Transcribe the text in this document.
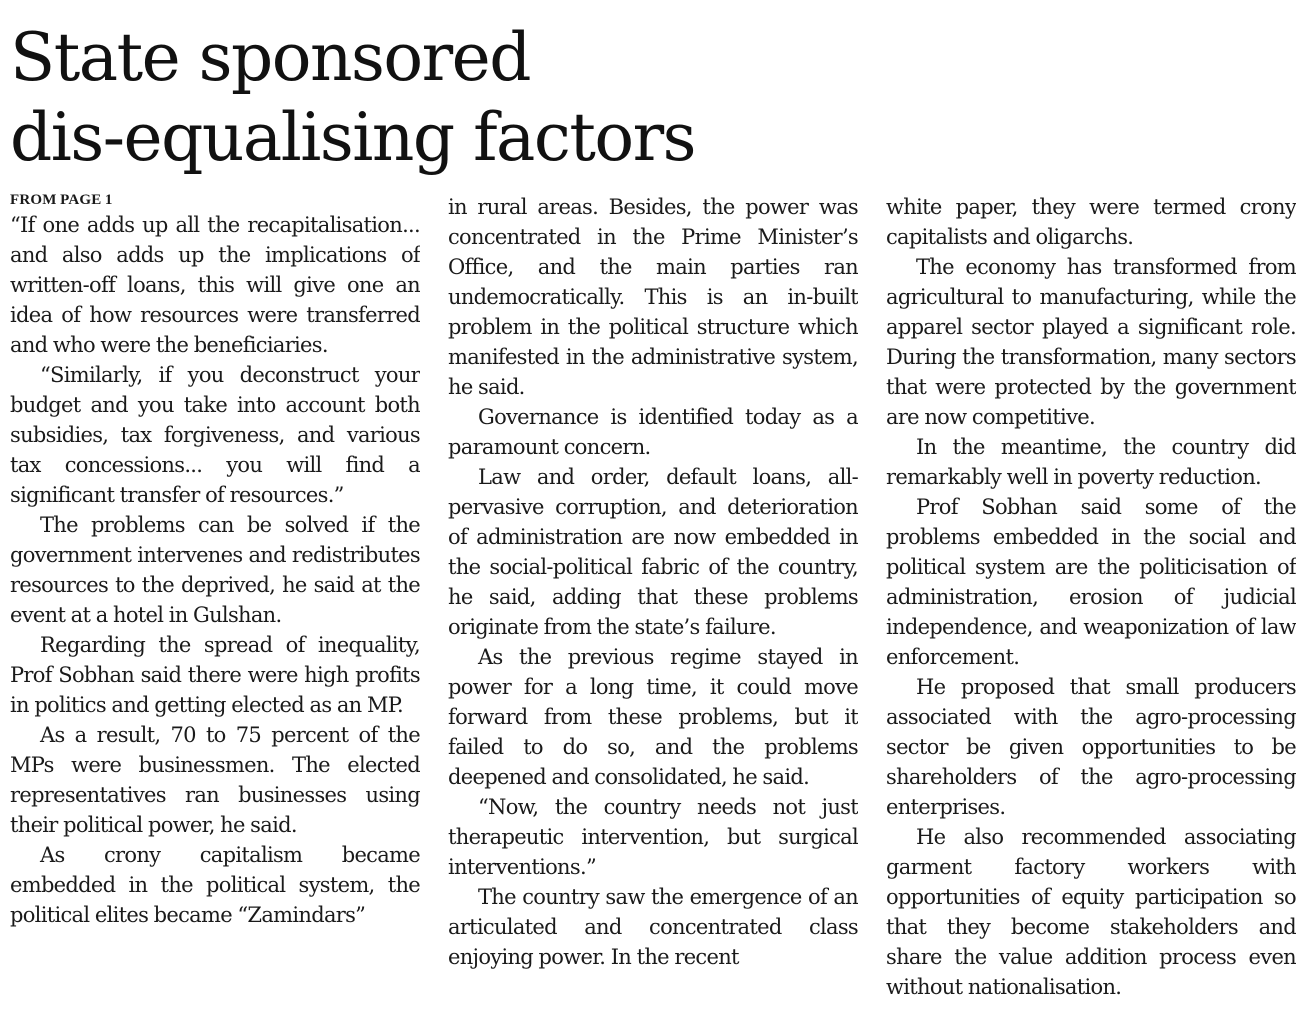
State sponsored
dis-equalising factors
FROM PAGE 1

“If one adds up all the recapitalisation... and also adds up the implications of written-off loans, this will give one an idea of how resources were transferred and who were the beneficiaries.

“Similarly, if you deconstruct your budget and you take into account both subsidies, tax forgiveness, and various tax concessions... you will find a significant transfer of resources.”

The problems can be solved if the government intervenes and redistributes resources to the deprived, he said at the event at a hotel in Gulshan.

Regarding the spread of inequality, Prof Sobhan said there were high profits in politics and getting elected as an MP.

As a result, 70 to 75 percent of the MPs were businessmen. The elected representatives ran businesses using their political power, he said.

As crony capitalism became embedded in the political system, the political elites became “Zamindars”

in rural areas. Besides, the power was concentrated in the Prime Minister’s Office, and the main parties ran undemocratically. This is an in-built problem in the political structure which manifested in the administrative system, he said.

Governance is identified today as a paramount concern.

Law and order, default loans, all-pervasive corruption, and deterioration of administration are now embedded in the social-political fabric of the country, he said, adding that these problems originate from the state’s failure.

As the previous regime stayed in power for a long time, it could move forward from these problems, but it failed to do so, and the problems deepened and consolidated, he said.

“Now, the country needs not just therapeutic intervention, but surgical interventions.”

The country saw the emergence of an articulated and concentrated class enjoying power. In the recent

white paper, they were termed crony capitalists and oligarchs.

The economy has transformed from agricultural to manufacturing, while the apparel sector played a significant role. During the transformation, many sectors that were protected by the government are now competitive.

In the meantime, the country did remarkably well in poverty reduction.

Prof Sobhan said some of the problems embedded in the social and political system are the politicisation of administration, erosion of judicial independence, and weaponization of law enforcement.

He proposed that small producers associated with the agro-processing sector be given opportunities to be shareholders of the agro-processing enterprises.

He also recommended associating garment factory workers with opportunities of equity participation so that they become stakeholders and share the value addition process even without nationalisation.
